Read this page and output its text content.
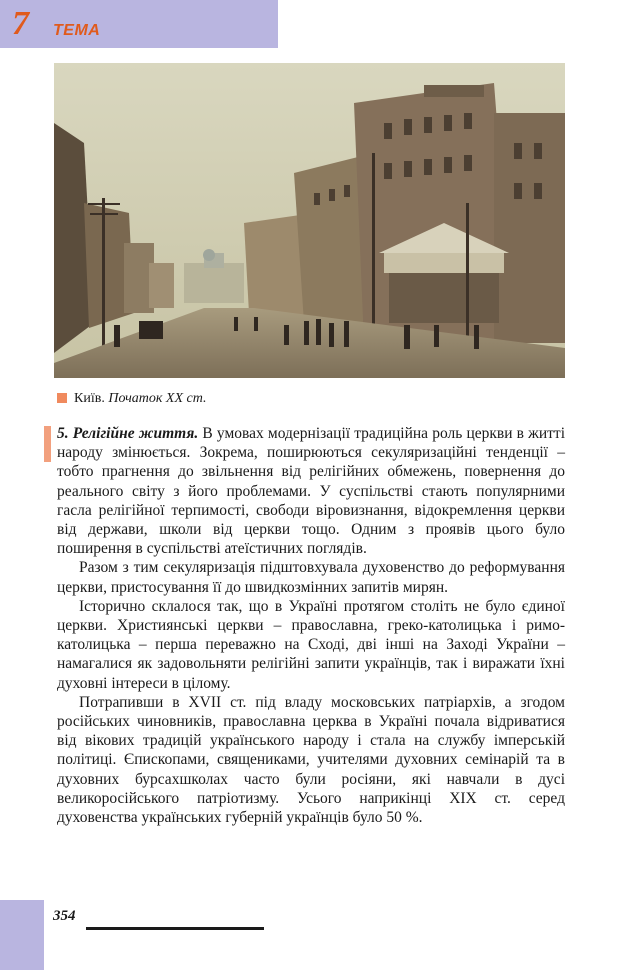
7 ТЕМА
Київ. Початок XX ст.

5. Релігійне життя. В умовах модернізації традиційна роль церкви в житті народу змінюється. Зокрема, поширюються секуляризаційні тенденції – тобто прагнення до звільнення від релігійних обмежень, повернення до реального світу з його проблемами. У суспільстві стають популярними гасла релігійної терпимості, свободи віровизнання, відокремлення церкви від держави, школи від церкви тощо. Одним з проявів цього було поширення в суспільстві атеїстичних поглядів.

Разом з тим секуляризація підштовхувала духовенство до реформування церкви, пристосування її до швидкозмінних запитів мирян.

Історично склалося так, що в Україні протягом століть не було єдиної церкви. Християнські церкви – православна, греко-католицька і римо-католицька – перша переважно на Сході, дві інші на Заході України – намагалися як задовольняти релігійні запити українців, так і виражати їхні духовні інтереси в цілому.

Потрапивши в XVII ст. під владу московських патріархів, а згодом російських чиновників, православна церква в Україні почала відриватися від вікових традицій українського народу і стала на службу імперській політиці. Єпископами, священиками, учителями духовних семінарій та в духовних бурсахшколах часто були росіяни, які навчали в дусі великоросійського патріотизму. Усього наприкінці XIX ст. серед духовенства українських губерній українців було 50 %.

354
